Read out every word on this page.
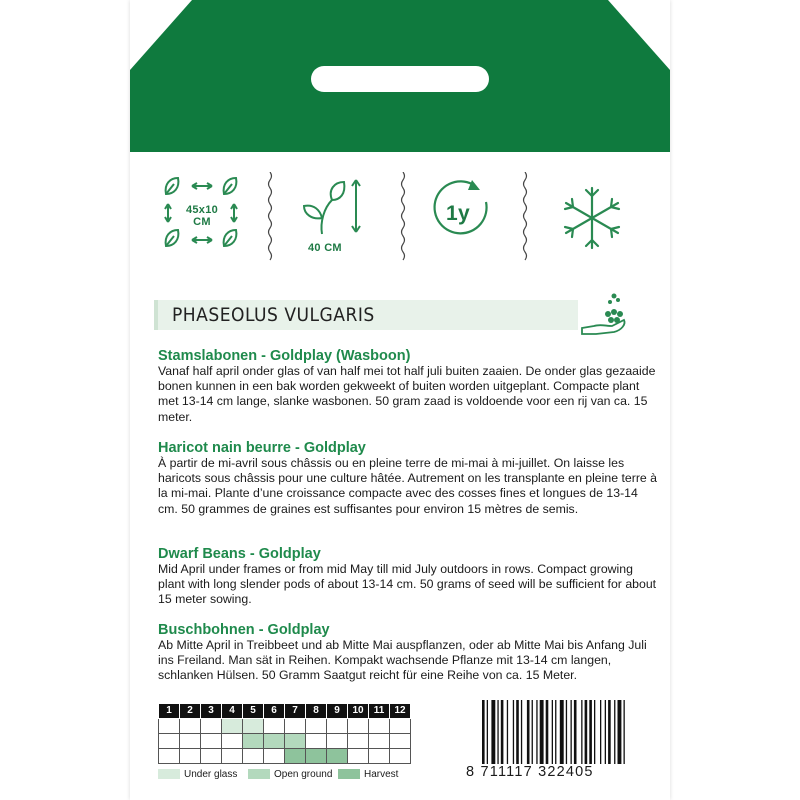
45x10
CM
40 CM
1y
PHASEOLUS VULGARIS
Stamslabonen - Goldplay (Wasboon)
Vanaf half april onder glas of van half mei tot half juli buiten zaaien. De onder glas gezaaide bonen kunnen in een bak worden gekweekt of buiten worden uitgeplant. Compacte plant met 13-14 cm lange, slanke wasbonen. 50 gram zaad is voldoende voor een rij van ca. 15 meter.
Haricot nain beurre - Goldplay
À partir de mi-avril sous châssis ou en pleine terre de mi-mai à mi-juillet. On laisse les haricots sous châssis pour une culture hâtée. Autrement on les transplante en pleine terre à la mi-mai. Plante d’une croissance compacte avec des cosses fines et longues de 13-14 cm. 50 grammes de graines est suffisantes pour environ 15 mètres de semis.
Dwarf Beans - Goldplay
Mid April under frames or from mid May till mid July outdoors in rows. Compact growing plant with long slender pods of about 13-14 cm. 50 grams of seed will be sufficient for about 15 meter sowing.
Buschbohnen - Goldplay
Ab Mitte April in Treibbeet und ab Mitte Mai auspflanzen, oder ab Mitte Mai bis Anfang Juli ins Freiland. Man sät in Reihen. Kompakt wachsende Pflanze mit 13-14 cm langen, schlanken Hülsen. 50 Gramm Saatgut reicht für eine Reihe von ca. 15 Meter.
1	2	3	4	5	6	7	8	9	10	11	12

Under glass	Open ground	Harvest	8 711117 322405
